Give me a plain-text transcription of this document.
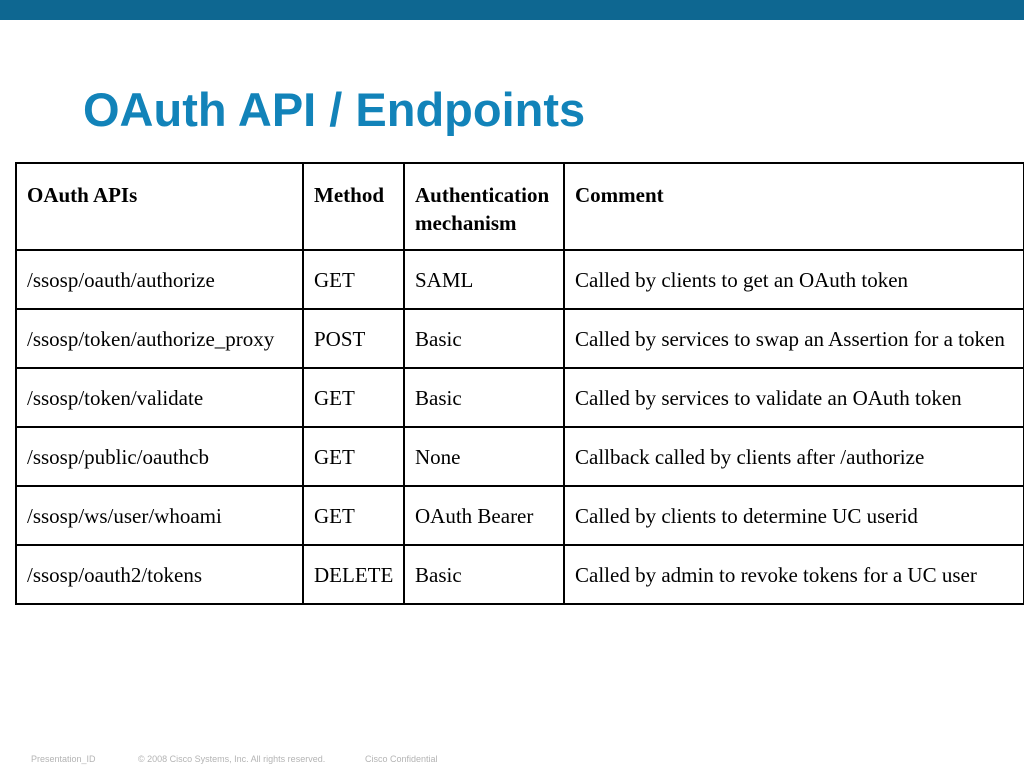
OAuth API / Endpoints
OAuth APIs	Method	Authentication mechanism	Comment
/ssosp/oauth/authorize	GET	SAML	Called by clients to get an OAuth token
/ssosp/token/authorize_proxy	POST	Basic	Called by services to swap an Assertion for a token
/ssosp/token/validate	GET	Basic	Called by services to validate an OAuth token
/ssosp/public/oauthcb	GET	None	Callback called by clients after /authorize
/ssosp/ws/user/whoami	GET	OAuth Bearer	Called by clients to determine UC userid
/ssosp/oauth2/tokens	DELETE	Basic	Called by admin to revoke tokens for a UC user
Presentation_ID	© 2008 Cisco Systems, Inc. All rights reserved.	Cisco Confidential
